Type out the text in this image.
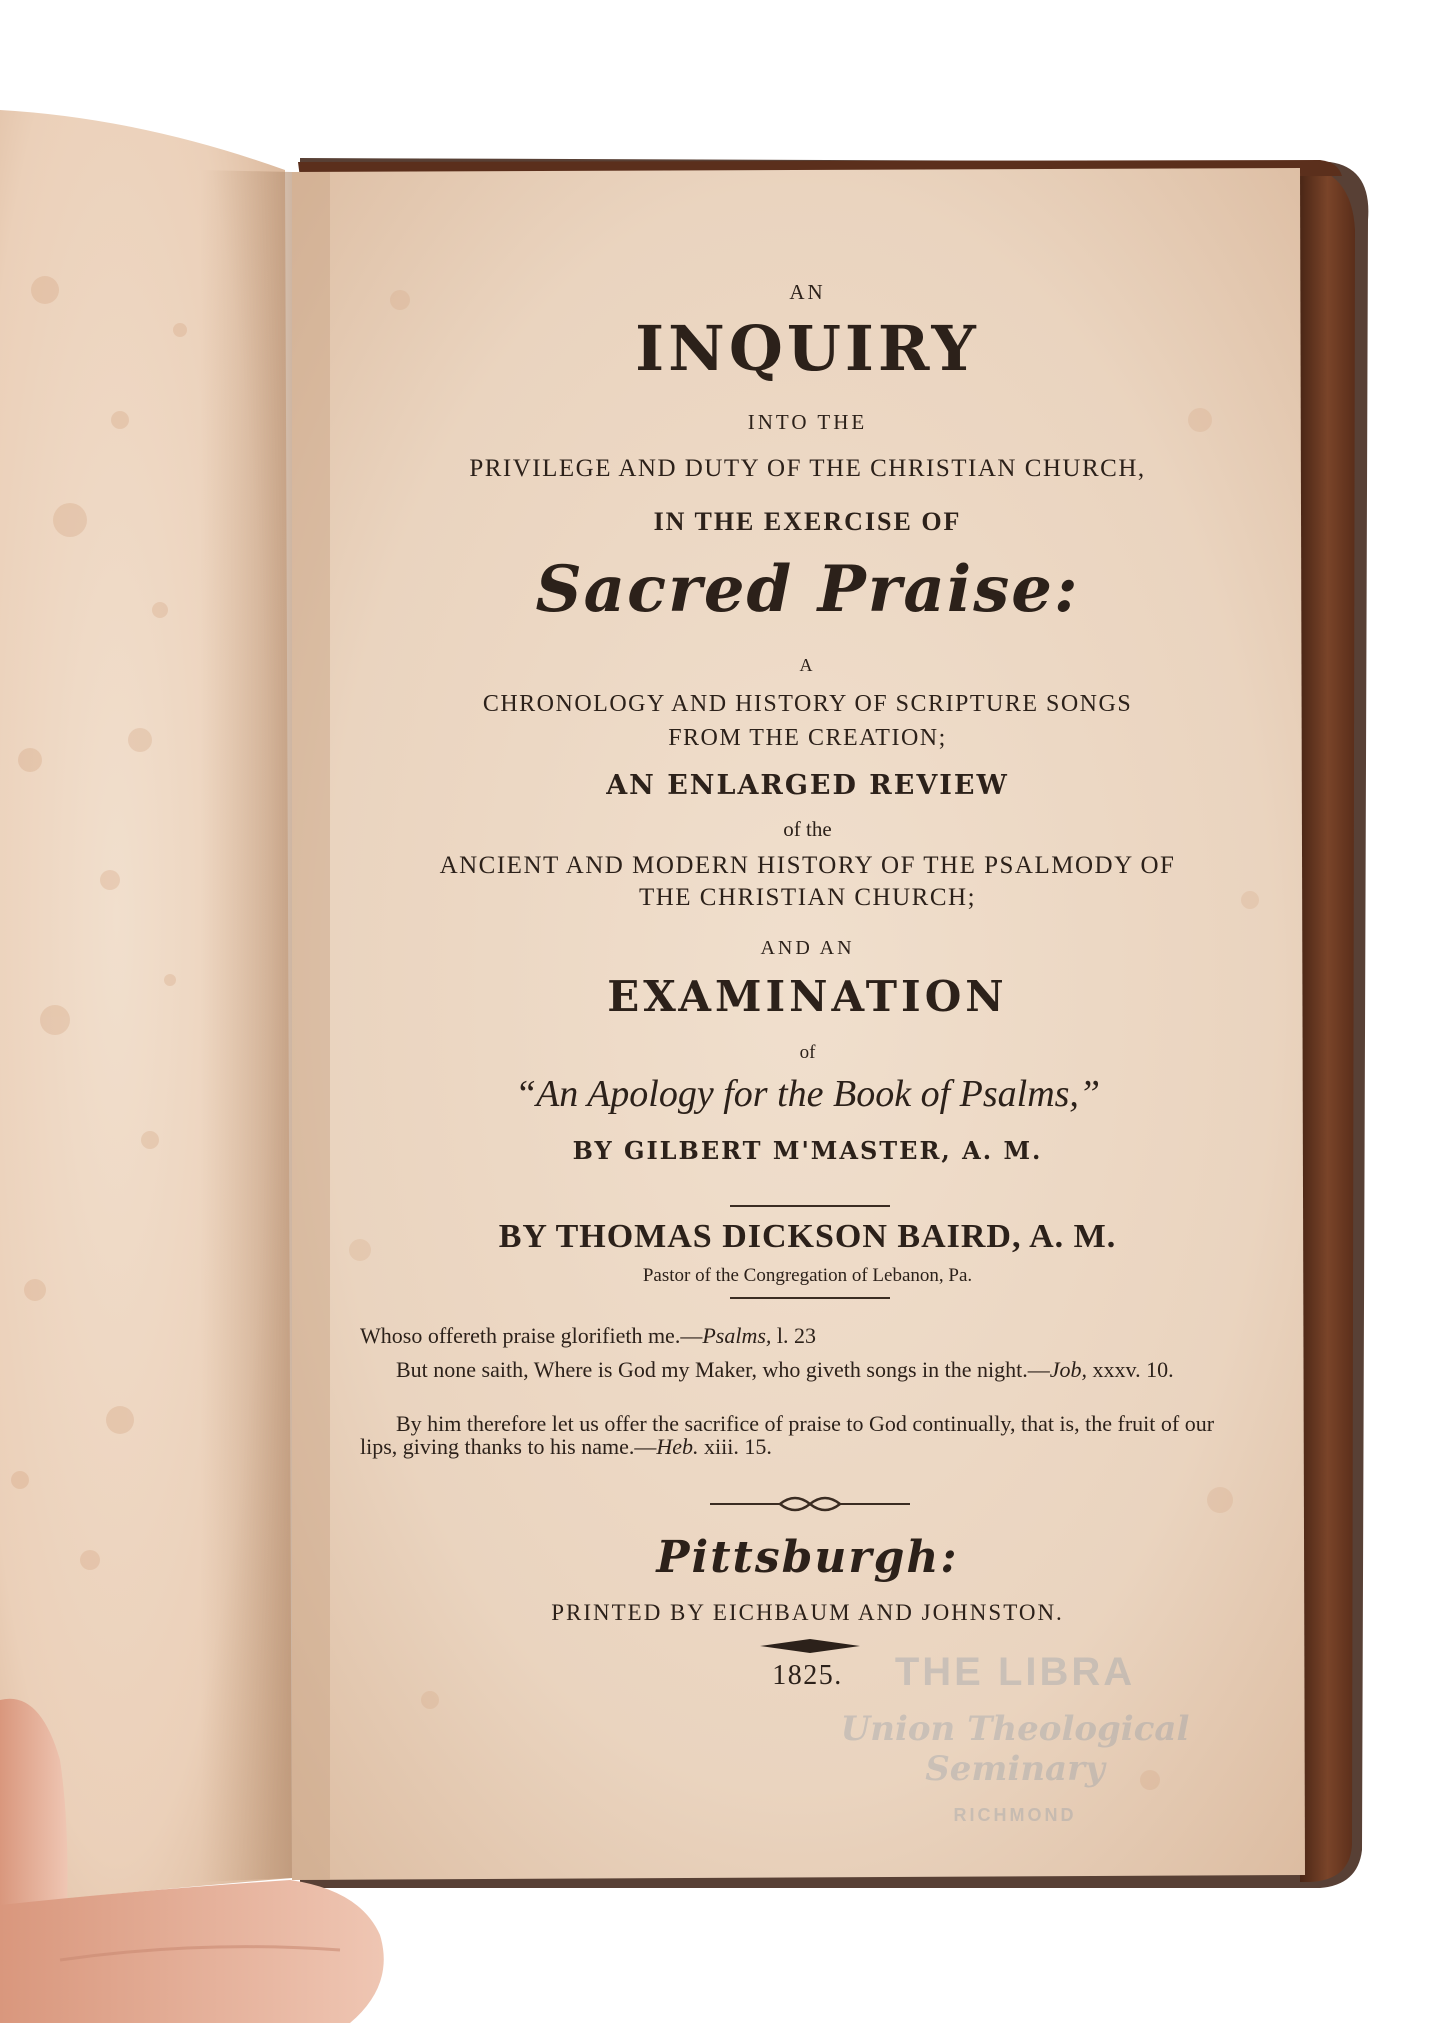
AN
INQUIRY
INTO THE
PRIVILEGE AND DUTY OF THE CHRISTIAN CHURCH,
IN THE EXERCISE OF
Sacred Praise:
A
CHRONOLOGY AND HISTORY OF SCRIPTURE SONGS
FROM THE CREATION;
AN ENLARGED REVIEW
of the
ANCIENT AND MODERN HISTORY OF THE PSALMODY OF
THE CHRISTIAN CHURCH;
AND AN
EXAMINATION
of
“An Apology for the Book of Psalms,”
BY GILBERT M'MASTER, A. M.
BY THOMAS DICKSON BAIRD, A. M.
Pastor of the Congregation of Lebanon, Pa.
Whoso offereth praise glorifieth me.—Psalms, l. 23
But none saith, Where is God my Maker, who giveth songs in the night.—Job, xxxv. 10.
By him therefore let us offer the sacrifice of praise to God continually, that is, the fruit of our lips, giving thanks to his name.—Heb. xiii. 15.
Pittsburgh:
PRINTED BY EICHBAUM AND JOHNSTON.
1825.	THE LIBRA
Union Theological Seminary
RICHMOND
